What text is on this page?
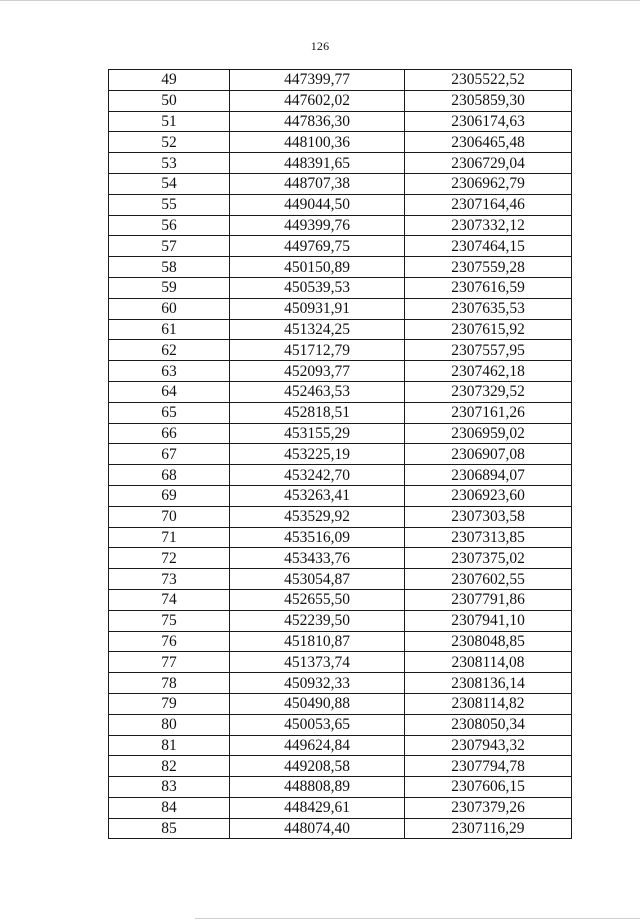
126
49	447399,77	2305522,52
50	447602,02	2305859,30
51	447836,30	2306174,63
52	448100,36	2306465,48
53	448391,65	2306729,04
54	448707,38	2306962,79
55	449044,50	2307164,46
56	449399,76	2307332,12
57	449769,75	2307464,15
58	450150,89	2307559,28
59	450539,53	2307616,59
60	450931,91	2307635,53
61	451324,25	2307615,92
62	451712,79	2307557,95
63	452093,77	2307462,18
64	452463,53	2307329,52
65	452818,51	2307161,26
66	453155,29	2306959,02
67	453225,19	2306907,08
68	453242,70	2306894,07
69	453263,41	2306923,60
70	453529,92	2307303,58
71	453516,09	2307313,85
72	453433,76	2307375,02
73	453054,87	2307602,55
74	452655,50	2307791,86
75	452239,50	2307941,10
76	451810,87	2308048,85
77	451373,74	2308114,08
78	450932,33	2308136,14
79	450490,88	2308114,82
80	450053,65	2308050,34
81	449624,84	2307943,32
82	449208,58	2307794,78
83	448808,89	2307606,15
84	448429,61	2307379,26
85	448074,40	2307116,29
